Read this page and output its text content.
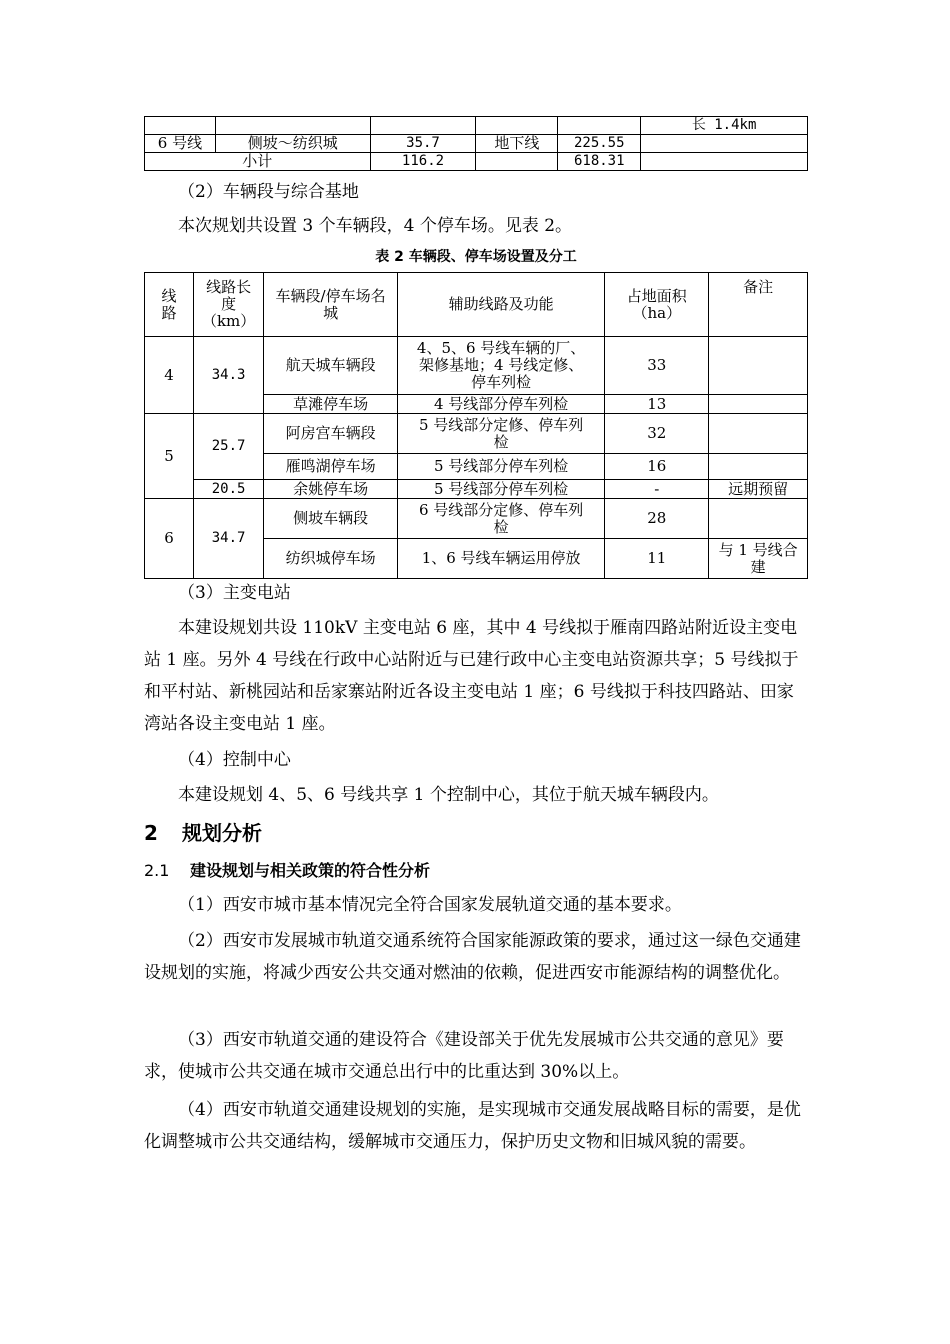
					长 1.4km
6 号线	侧坡～纺织城	35.7	地下线	225.55	
小计		116.2		618.31	

（2）车辆段与综合基地

本次规划共设置 3 个车辆段，4 个停车场。见表 2。

表 2 车辆段、停车场设置及分工
线路	线路长度（km）	车辆段/停车场名城	辅助线路及功能	占地面积（ha）	备注
4	34.3	航天城车辆段	4、5、6 号线车辆的厂、架修基地；4 号线定修、停车列检	33	
		草滩停车场	4 号线部分停车列检	13	
5	25.7	阿房宫车辆段	5 号线部分定修、停车列检	32	
		雁鸣湖停车场	5 号线部分停车列检	16	
	20.5	余姚停车场	5 号线部分停车列检	-	远期预留
6	34.7	侧坡车辆段	6 号线部分定修、停车列检	28	
		纺织城停车场	1、6 号线车辆运用停放	11	与 1 号线合建

（3）主变电站

本建设规划共设 110kV 主变电站 6 座，其中 4 号线拟于雁南四路站附近设主变电站 1 座。另外 4 号线在行政中心站附近与已建行政中心主变电站资源共享；5 号线拟于和平村站、新桃园站和岳家寨站附近各设主变电站 1 座；6 号线拟于科技四路站、田家湾站各设主变电站 1 座。

（4）控制中心

本建设规划 4、5、6 号线共享 1 个控制中心，其位于航天城车辆段内。

2 规划分析
2.1 建设规划与相关政策的符合性分析

（1）西安市城市基本情况完全符合国家发展轨道交通的基本要求。

（2）西安市发展城市轨道交通系统符合国家能源政策的要求，通过这一绿色交通建设规划的实施，将减少西安公共交通对燃油的依赖，促进西安市能源结构的调整优化。

（3）西安市轨道交通的建设符合《建设部关于优先发展城市公共交通的意见》要求，使城市公共交通在城市交通总出行中的比重达到 30%以上。

（4）西安市轨道交通建设规划的实施，是实现城市交通发展战略目标的需要，是优化调整城市公共交通结构，缓解城市交通压力，保护历史文物和旧城风貌的需要。
